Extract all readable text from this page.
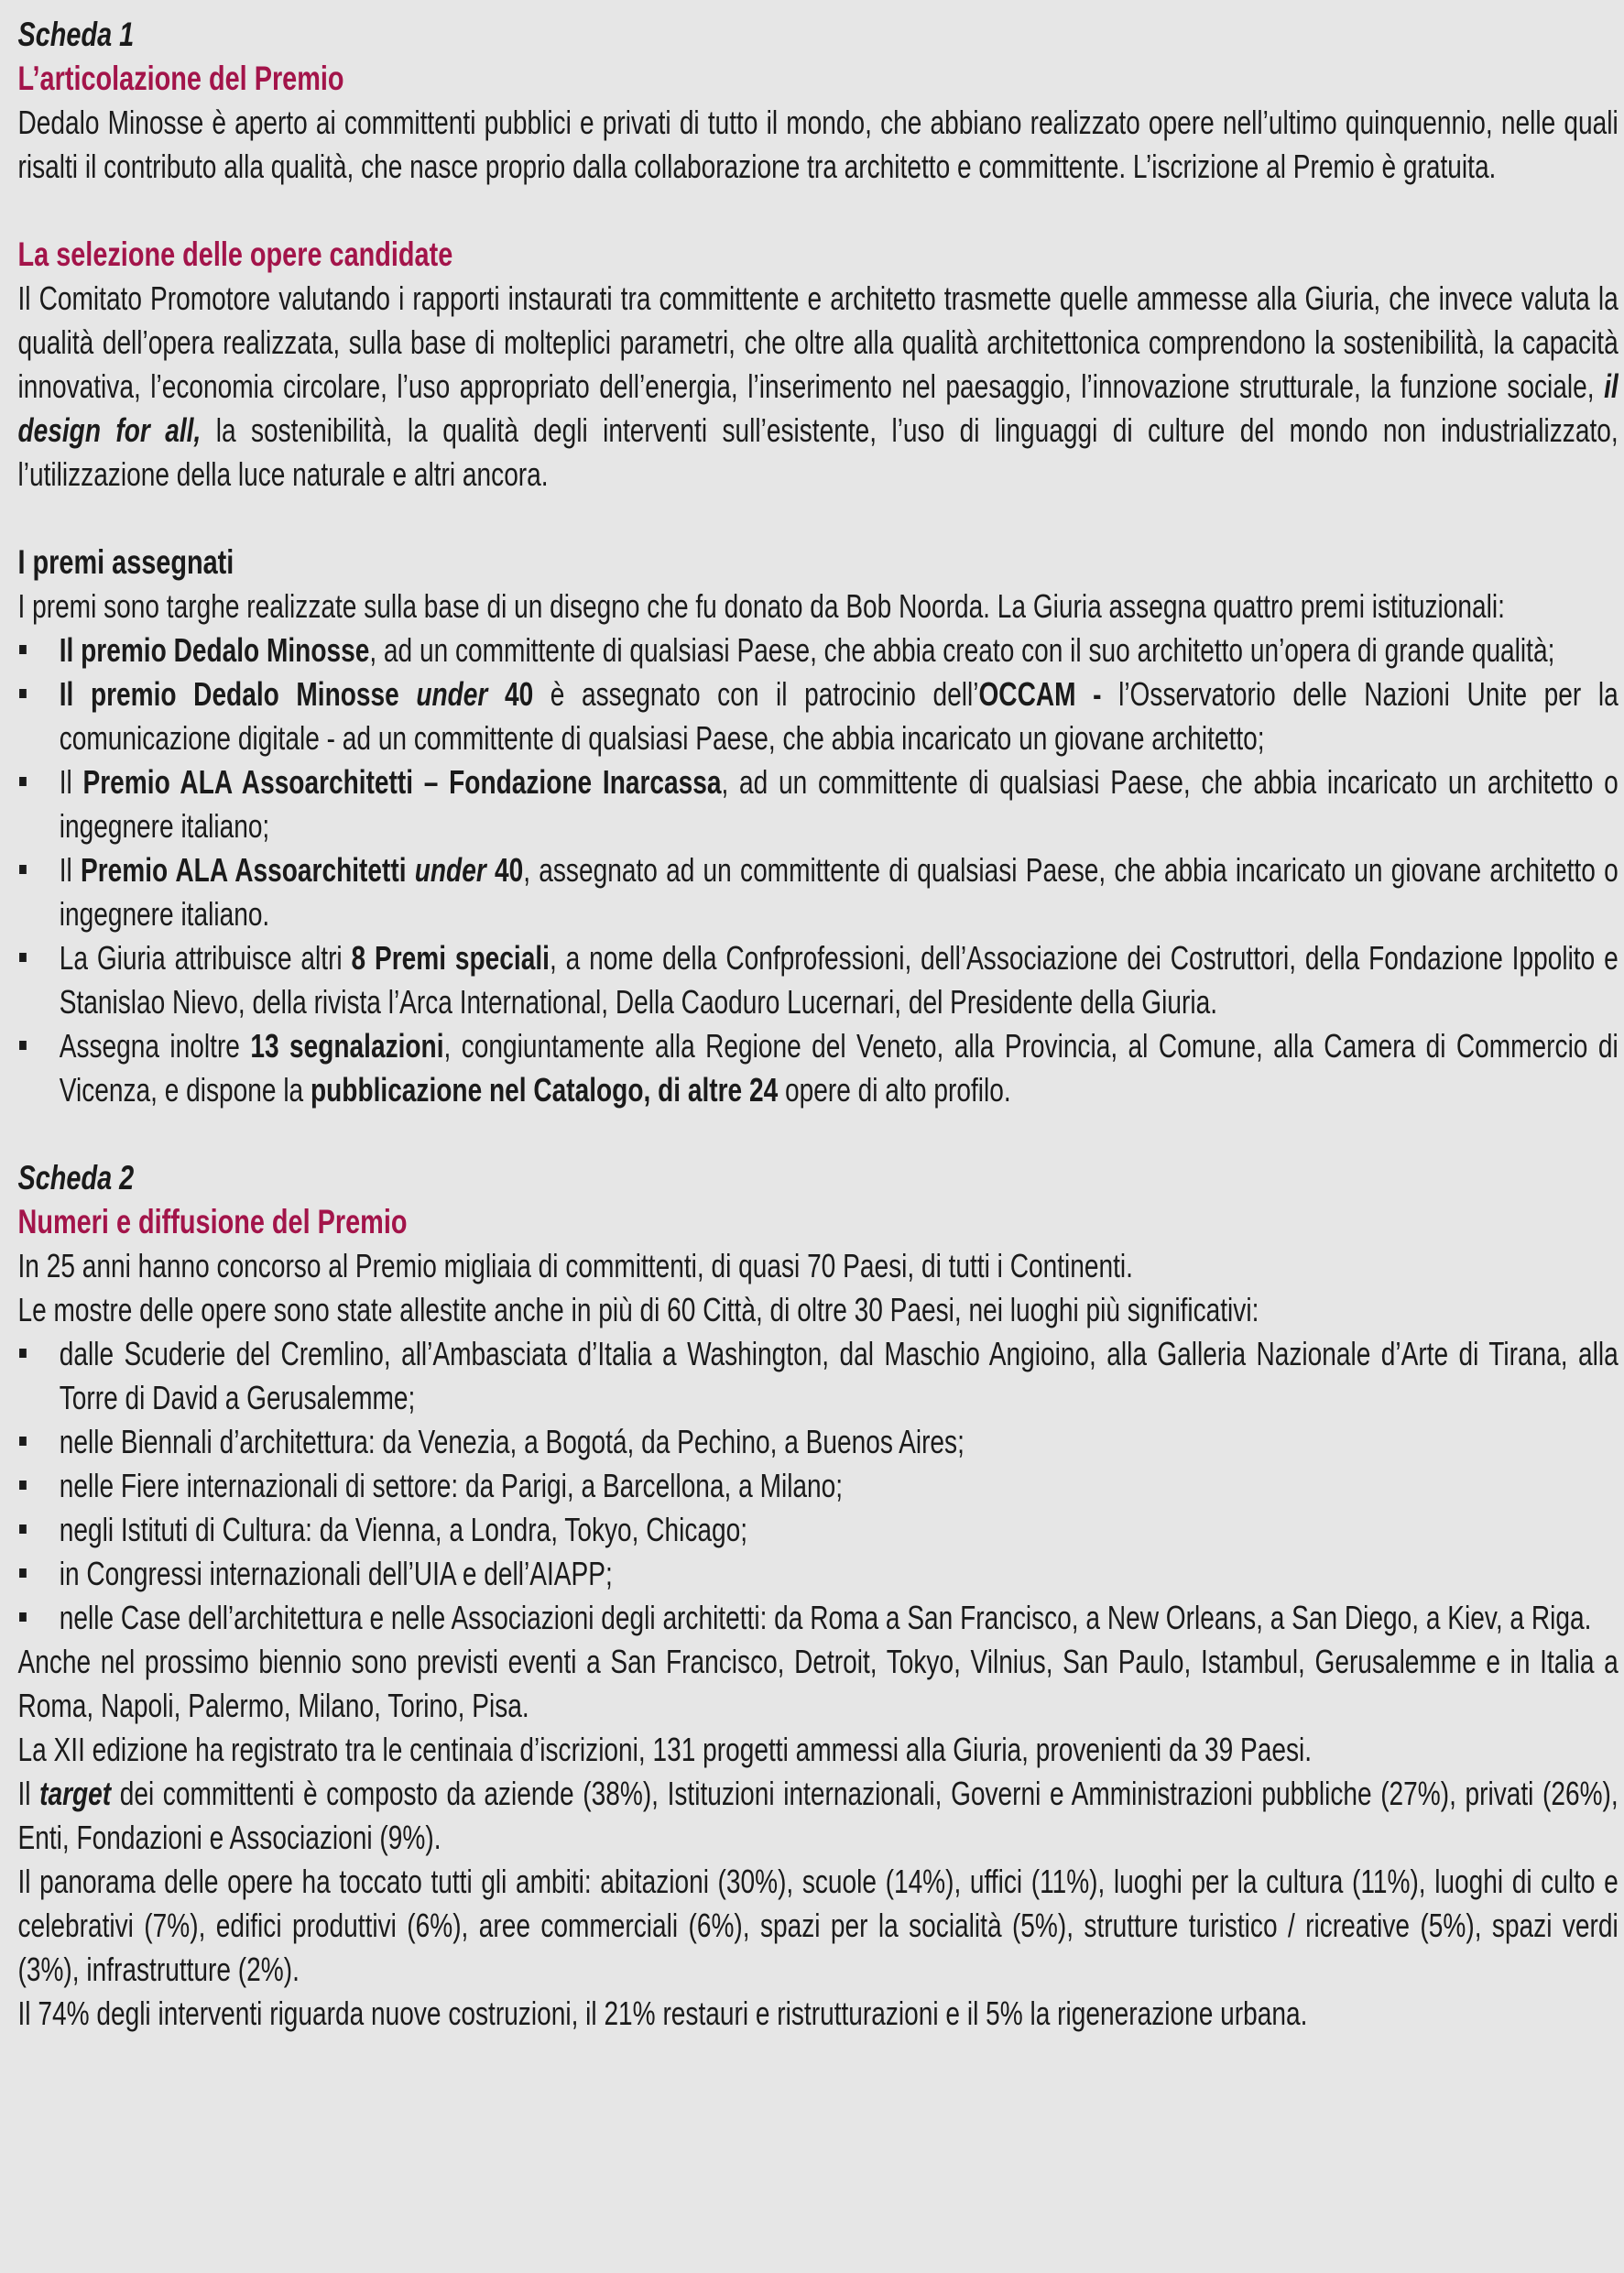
Scheda 1
L’articolazione del Premio

Dedalo Minosse è aperto ai committenti pubblici e privati di tutto il mondo, che abbiano realizzato opere nell’ultimo quinquennio, nelle quali risalti il contributo alla qualità, che nasce proprio dalla collaborazione tra architetto e committente. L’iscrizione al Premio è gratuita.

La selezione delle opere candidate

Il Comitato Promotore valutando i rapporti instaurati tra committente e architetto trasmette quelle ammesse alla Giuria, che invece valuta la qualità dell’opera realizzata, sulla base di molteplici parametri, che oltre alla qualità architettonica comprendono la sostenibilità, la capacità innovativa, l’economia circolare, l’uso appropriato dell’energia, l’inserimento nel paesaggio, l’innovazione strutturale, la funzione sociale, il design for all, la sostenibilità, la qualità degli interventi sull’esistente, l’uso di linguaggi di culture del mondo non industrializzato, l’utilizzazione della luce naturale e altri ancora.

I premi assegnati

I premi sono targhe realizzate sulla base di un disegno che fu donato da Bob Noorda. La Giuria assegna quattro premi istituzionali:

Il premio Dedalo Minosse, ad un committente di qualsiasi Paese, che abbia creato con il suo architetto un’opera di grande qualità;
Il premio Dedalo Minosse under 40 è assegnato con il patrocinio dell’OCCAM - l’Osservatorio delle Nazioni Unite per la comunicazione digitale - ad un committente di qualsiasi Paese, che abbia incaricato un giovane architetto;
Il Premio ALA Assoarchitetti – Fondazione Inarcassa, ad un committente di qualsiasi Paese, che abbia incaricato un architetto o ingegnere italiano;
Il Premio ALA Assoarchitetti under 40, assegnato ad un committente di qualsiasi Paese, che abbia incaricato un giovane architetto o ingegnere italiano.
La Giuria attribuisce altri 8 Premi speciali, a nome della Confprofessioni, dell’Associazione dei Costruttori, della Fondazione Ippolito e Stanislao Nievo, della rivista l’Arca International, Della Caoduro Lucernari, del Presidente della Giuria.
Assegna inoltre 13 segnalazioni, congiuntamente alla Regione del Veneto, alla Provincia, al Comune, alla Camera di Commercio di Vicenza, e dispone la pubblicazione nel Catalogo, di altre 24 opere di alto profilo.
Scheda 2
Numeri e diffusione del Premio

In 25 anni hanno concorso al Premio migliaia di committenti, di quasi 70 Paesi, di tutti i Continenti.

Le mostre delle opere sono state allestite anche in più di 60 Città, di oltre 30 Paesi, nei luoghi più significativi:

dalle Scuderie del Cremlino, all’Ambasciata d’Italia a Washington, dal Maschio Angioino, alla Galleria Nazionale d’Arte di Tirana, alla Torre di David a Gerusalemme;
nelle Biennali d’architettura: da Venezia, a Bogotá, da Pechino, a Buenos Aires;
nelle Fiere internazionali di settore: da Parigi, a Barcellona, a Milano;
negli Istituti di Cultura: da Vienna, a Londra, Tokyo, Chicago;
in Congressi internazionali dell’UIA e dell’AIAPP;
nelle Case dell’architettura e nelle Associazioni degli architetti: da Roma a San Francisco, a New Orleans, a San Diego, a Kiev, a Riga.

Anche nel prossimo biennio sono previsti eventi a San Francisco, Detroit, Tokyo, Vilnius, San Paulo, Istambul, Gerusalemme e in Italia a Roma, Napoli, Palermo, Milano, Torino, Pisa.

La XII edizione ha registrato tra le centinaia d’iscrizioni, 131 progetti ammessi alla Giuria, provenienti da 39 Paesi.

Il target dei committenti è composto da aziende (38%), Istituzioni internazionali, Governi e Amministrazioni pubbliche (27%), privati (26%), Enti, Fondazioni e Associazioni (9%).

Il panorama delle opere ha toccato tutti gli ambiti: abitazioni (30%), scuole (14%), uffici (11%), luoghi per la cultura (11%), luoghi di culto e celebrativi (7%), edifici produttivi (6%), aree commerciali (6%), spazi per la socialità (5%), strutture turistico / ricreative (5%), spazi verdi (3%), infrastrutture (2%).

Il 74% degli interventi riguarda nuove costruzioni, il 21% restauri e ristrutturazioni e il 5% la rigenerazione urbana.
